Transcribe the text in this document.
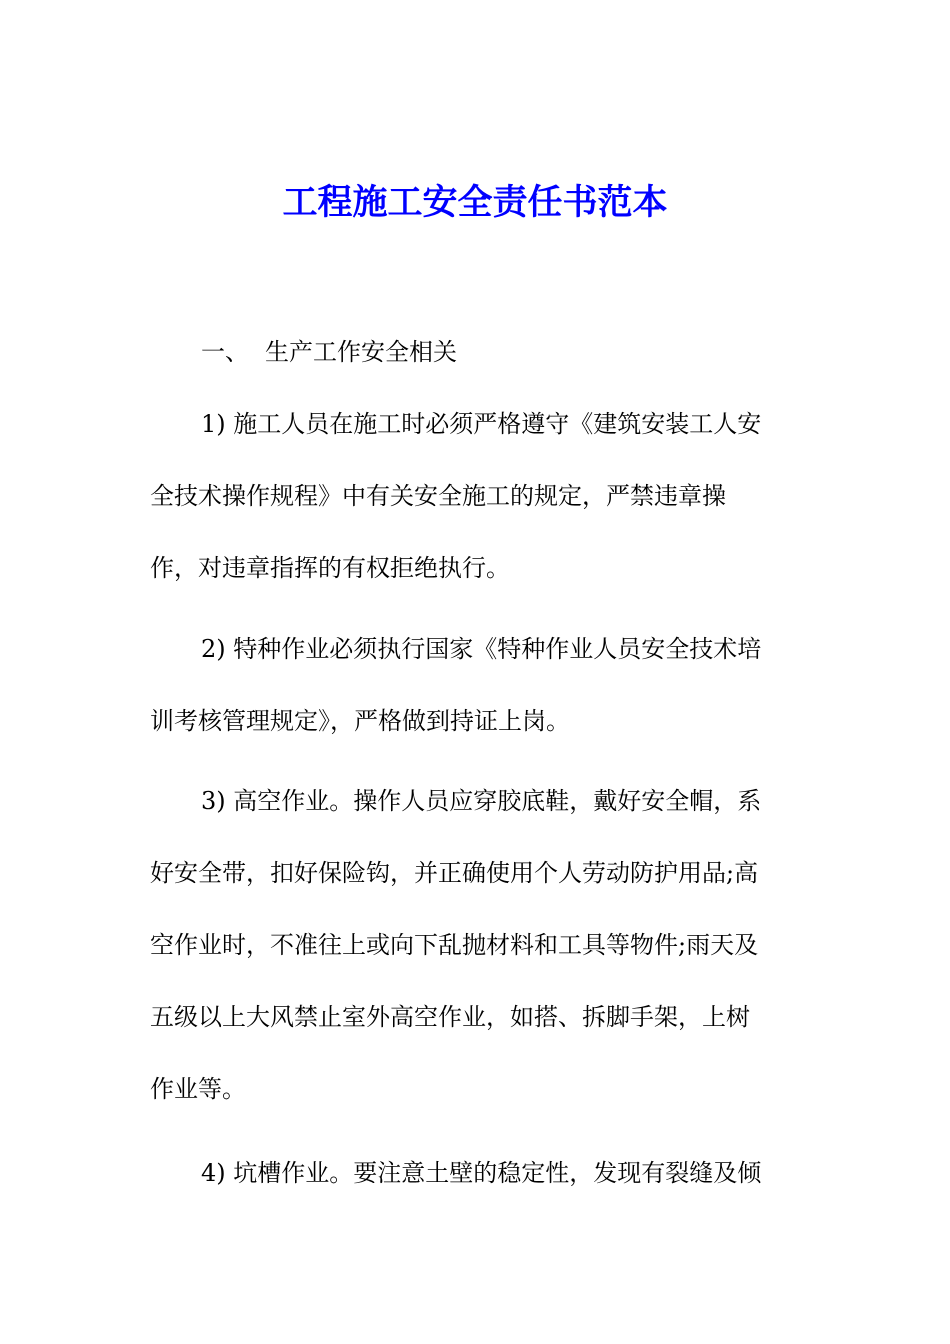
工程施工安全责任书范本
一、 生产工作安全相关
1) 施工人员在施工时必须严格遵守《建筑安装工人安
全技术操作规程》中有关安全施工的规定，严禁违章操
作，对违章指挥的有权拒绝执行。
2) 特种作业必须执行国家《特种作业人员安全技术培
训考核管理规定》，严格做到持证上岗。
3) 高空作业。操作人员应穿胶底鞋，戴好安全帽，系
好安全带，扣好保险钩，并正确使用个人劳动防护用品;高
空作业时，不准往上或向下乱抛材料和工具等物件;雨天及
五级以上大风禁止室外高空作业，如搭、拆脚手架，上树
作业等。
4) 坑槽作业。要注意土壁的稳定性，发现有裂缝及倾
